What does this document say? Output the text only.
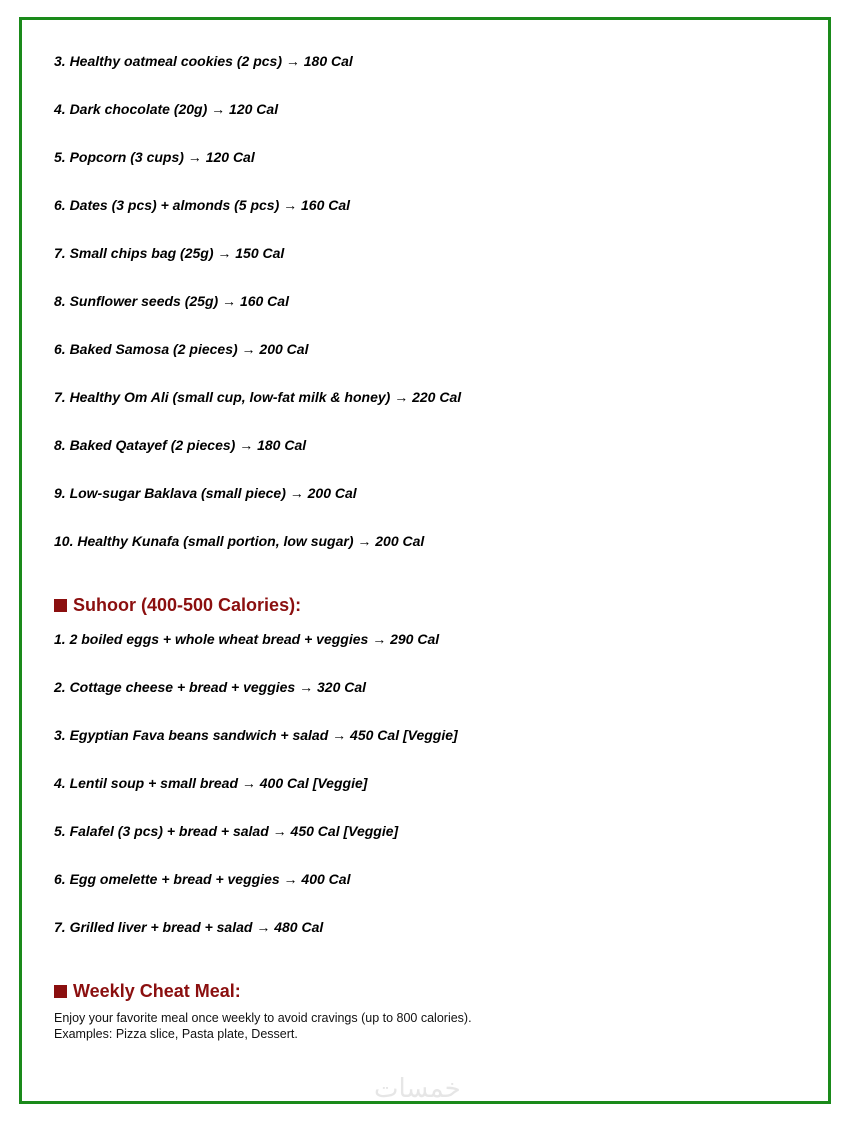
3. Healthy oatmeal cookies (2 pcs) → 180 Cal
4. Dark chocolate (20g) → 120 Cal
5. Popcorn (3 cups) → 120 Cal
6. Dates (3 pcs) + almonds (5 pcs) → 160 Cal
7. Small chips bag (25g) → 150 Cal
8. Sunflower seeds (25g) → 160 Cal
6. Baked Samosa (2 pieces) → 200 Cal
7. Healthy Om Ali (small cup, low-fat milk & honey) → 220 Cal
8. Baked Qatayef (2 pieces) → 180 Cal
9. Low-sugar Baklava (small piece) → 200 Cal
10. Healthy Kunafa (small portion, low sugar) → 200 Cal
Suhoor (400-500 Calories):
1. 2 boiled eggs + whole wheat bread + veggies → 290 Cal
2. Cottage cheese + bread + veggies → 320 Cal
3. Egyptian Fava beans sandwich + salad → 450 Cal [Veggie]
4. Lentil soup + small bread → 400 Cal [Veggie]
5. Falafel (3 pcs) + bread + salad → 450 Cal [Veggie]
6. Egg omelette + bread + veggies → 400 Cal
7. Grilled liver + bread + salad → 480 Cal
Weekly Cheat Meal:
Enjoy your favorite meal once weekly to avoid cravings (up to 800 calories).
Examples: Pizza slice, Pasta plate, Dessert.
خمسات
